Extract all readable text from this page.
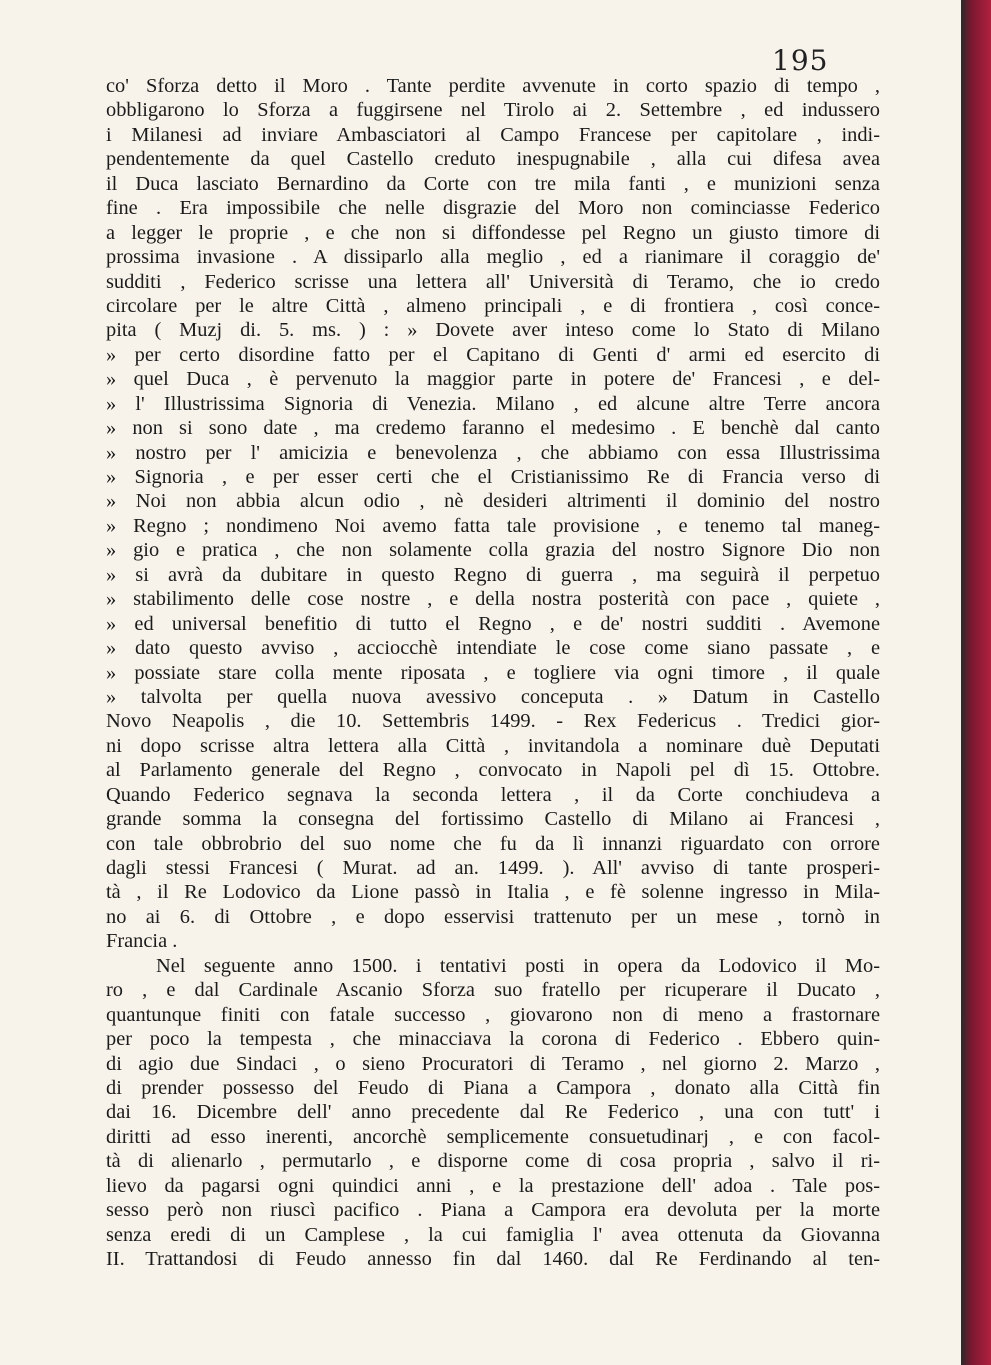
195
co' Sforza detto il Moro . Tante perdite avvenute in corto spazio di tempo ,
obbligarono lo Sforza a fuggirsene nel Tirolo ai 2. Settembre , ed indussero
i Milanesi ad inviare Ambasciatori al Campo Francese per capitolare , indi-
pendentemente da quel Castello creduto inespugnabile , alla cui difesa avea
il Duca lasciato Bernardino da Corte con tre mila fanti , e munizioni senza
fine . Era impossibile che nelle disgrazie del Moro non cominciasse Federico
a legger le proprie , e che non si diffondesse pel Regno un giusto timore di
prossima invasione . A dissiparlo alla meglio , ed a rianimare il coraggio de'
sudditi , Federico scrisse una lettera all' Università di Teramo, che io credo
circolare per le altre Città , almeno principali , e di frontiera , così conce-
pita ( Muzj di. 5. ms. ) : » Dovete aver inteso come lo Stato di Milano
» per certo disordine fatto per el Capitano di Genti d' armi ed esercito di
» quel Duca , è pervenuto la maggior parte in potere de' Francesi , e del-
» l' Illustrissima Signoria di Venezia. Milano , ed alcune altre Terre ancora
» non si sono date , ma credemo faranno el medesimo . E benchè dal canto
» nostro per l' amicizia e benevolenza , che abbiamo con essa Illustrissima
» Signoria , e per esser certi che el Cristianissimo Re di Francia verso di
» Noi non abbia alcun odio , nè desideri altrimenti il dominio del nostro
» Regno ; nondimeno Noi avemo fatta tale provisione , e tenemo tal maneg-
» gio e pratica , che non solamente colla grazia del nostro Signore Dio non
» si avrà da dubitare in questo Regno di guerra , ma seguirà il perpetuo
» stabilimento delle cose nostre , e della nostra posterità con pace , quiete ,
» ed universal benefitio di tutto el Regno , e de' nostri sudditi . Avemone
» dato questo avviso , acciocchè intendiate le cose come siano passate , e
» possiate stare colla mente riposata , e togliere via ogni timore , il quale
» talvolta per quella nuova avessivo conceputa . » Datum in Castello
Novo Neapolis , die 10. Settembris 1499. - Rex Federicus . Tredici gior-
ni dopo scrisse altra lettera alla Città , invitandola a nominare duè Deputati
al Parlamento generale del Regno , convocato in Napoli pel dì 15. Ottobre.
Quando Federico segnava la seconda lettera , il da Corte conchiudeva a
grande somma la consegna del fortissimo Castello di Milano ai Francesi ,
con tale obbrobrio del suo nome che fu da lì innanzi riguardato con orrore
dagli stessi Francesi ( Murat. ad an. 1499. ). All' avviso di tante prosperi-
tà , il Re Lodovico da Lione passò in Italia , e fè solenne ingresso in Mila-
no ai 6. di Ottobre , e dopo esservisi trattenuto per un mese , tornò in
Francia .
Nel seguente anno 1500. i tentativi posti in opera da Lodovico il Mo-
ro , e dal Cardinale Ascanio Sforza suo fratello per ricuperare il Ducato ,
quantunque finiti con fatale successo , giovarono non di meno a frastornare
per poco la tempesta , che minacciava la corona di Federico . Ebbero quin-
di agio due Sindaci , o sieno Procuratori di Teramo , nel giorno 2. Marzo ,
di prender possesso del Feudo di Piana a Campora , donato alla Città fin
dai 16. Dicembre dell' anno precedente dal Re Federico , una con tutt' i
diritti ad esso inerenti, ancorchè semplicemente consuetudinarj , e con facol-
tà di alienarlo , permutarlo , e disporne come di cosa propria , salvo il ri-
lievo da pagarsi ogni quindici anni , e la prestazione dell' adoa . Tale pos-
sesso però non riuscì pacifico . Piana a Campora era devoluta per la morte
senza eredi di un Camplese , la cui famiglia l' avea ottenuta da Giovanna
II. Trattandosi di Feudo annesso fin dal 1460. dal Re Ferdinando al ten-
